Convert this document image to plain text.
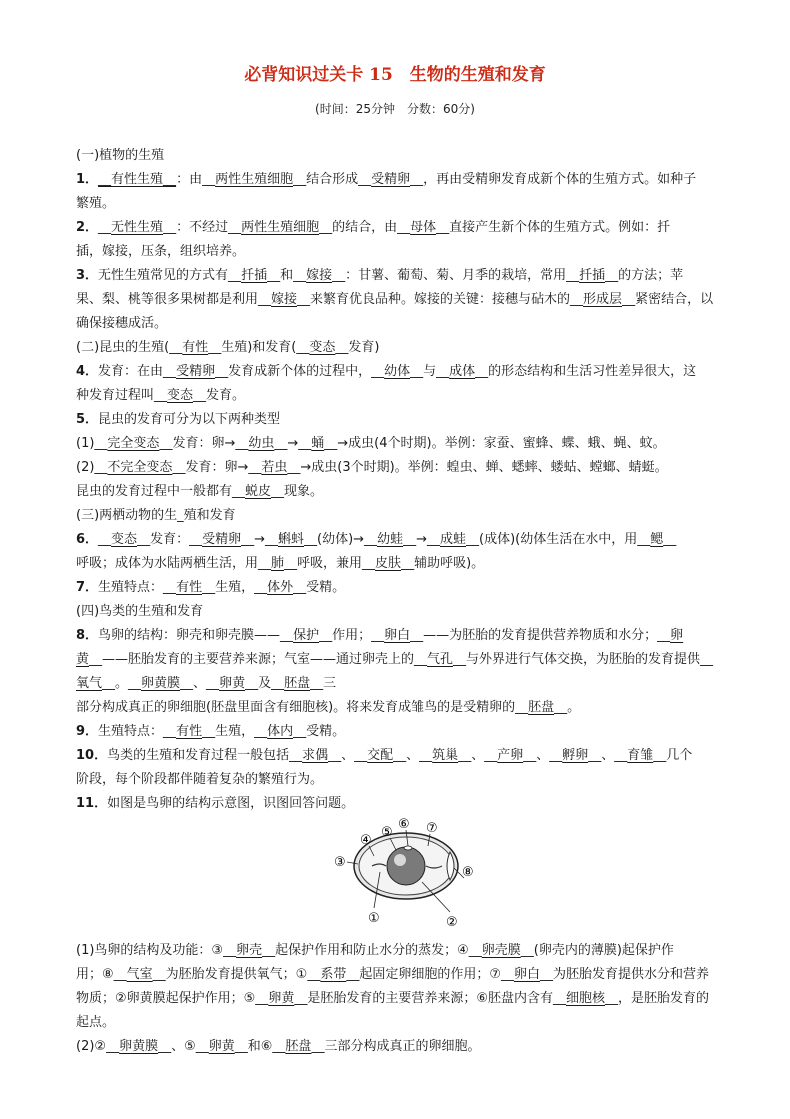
必背知识过关卡 15　生物的生殖和发育
(时间：25分钟　分数：60分)
(一)植物的生殖
1．__有性生殖__：由__两性生殖细胞__结合形成__受精卵__，再由受精卵发育成新个体的生殖方式。如种子
繁殖。
2．__无性生殖__：不经过__两性生殖细胞__的结合，由__母体__直接产生新个体的生殖方式。例如：扦
插，嫁接，压条，组织培养。
3．无性生殖常见的方式有__扦插__和__嫁接__：甘薯、葡萄、菊、月季的栽培，常用__扦插__的方法；苹
果、梨、桃等很多果树都是利用__嫁接__来繁育优良品种。嫁接的关键：接穗与砧木的__形成层__紧密结合，以
确保接穗成活。
(二)昆虫的生殖(__有性__生殖)和发育(__变态__发育)
4．发育：在由__受精卵__发育成新个体的过程中，__幼体__与__成体__的形态结构和生活习性差异很大，这
种发育过程叫__变态__发育。
5．昆虫的发育可分为以下两种类型
(1)__完全变态__发育：卵→__幼虫__→__蛹__→成虫(4个时期)。举例：家蚕、蜜蜂、蝶、蛾、蝇、蚊。
(2)__不完全变态__发育：卵→__若虫__→成虫(3个时期)。举例：蝗虫、蝉、蟋蟀、蝼蛄、螳螂、蜻蜓。
昆虫的发育过程中一般都有__蜕皮__现象。
(三)两栖动物的生_殖和发育
6．__变态__发育：__受精卵__→__蝌蚪__(幼体)→__幼蛙__→__成蛙__(成体)(幼体生活在水中，用__鳃__
呼吸；成体为水陆两栖生活，用__肺__呼吸，兼用__皮肤__辅助呼吸)。
7．生殖特点：__有性__生殖，__体外__受精。
(四)鸟类的生殖和发育
8．鸟卵的结构：卵壳和卵壳膜——__保护__作用；__卵白__——为胚胎的发育提供营养物质和水分；__卵
黄__——胚胎发育的主要营养来源；气室——通过卵壳上的__气孔__与外界进行气体交换，为胚胎的发育提供__
氧气__。__卵黄膜__、__卵黄__及__胚盘__三
部分构成真正的卵细胞(胚盘里面含有细胞核)。将来发育成雏鸟的是受精卵的__胚盘__。
9．生殖特点：__有性__生殖，__体内__受精。
10．鸟类的生殖和发育过程一般包括__求偶__、__交配__、__筑巢__、__产卵__、__孵卵__、__育雏__几个
阶段，每个阶段都伴随着复杂的繁殖行为。
11．如图是鸟卵的结构示意图，识图回答问题。
①	②
③
④
⑤
⑥ ⑦
⑧
(1)鸟卵的结构及功能：③__卵壳__起保护作用和防止水分的蒸发；④__卵壳膜__(卵壳内的薄膜)起保护作
用；⑧__气室__为胚胎发育提供氧气；①__系带__起固定卵细胞的作用；⑦__卵白__为胚胎发育提供水分和营养
物质；②卵黄膜起保护作用；⑤__卵黄__是胚胎发育的主要营养来源；⑥胚盘内含有__细胞核__，是胚胎发育的
起点。
(2)②__卵黄膜__、⑤__卵黄__和⑥__胚盘__三部分构成真正的卵细胞。
